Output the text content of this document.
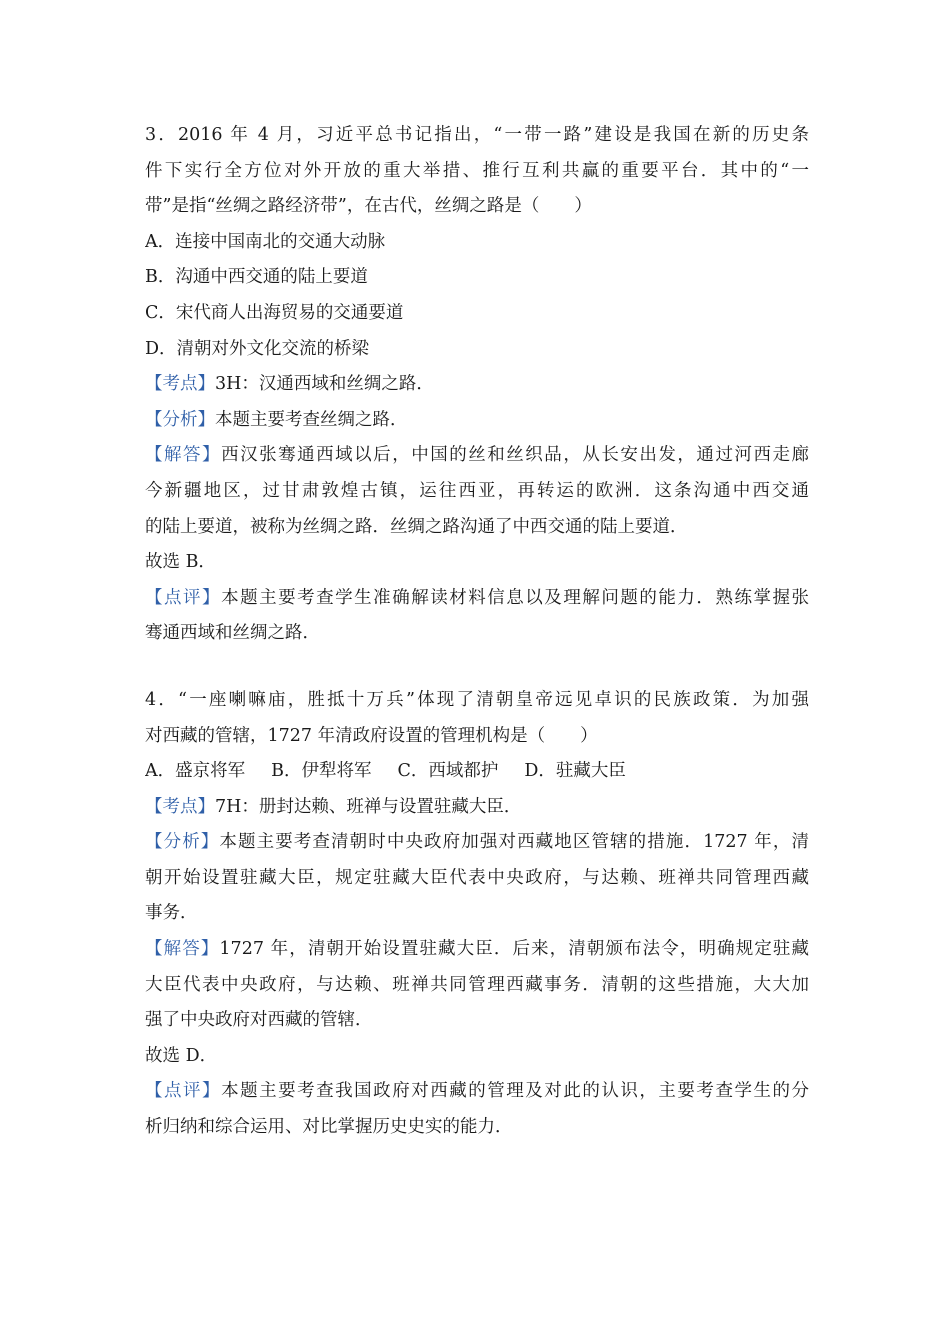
3．2016 年 4 月，习近平总书记指出，“一带一路”建设是我国在新的历史条
件下实行全方位对外开放的重大举措、推行互利共赢的重要平台．其中的“一
带”是指“丝绸之路经济带”，在古代，丝绸之路是（　　）
A．连接中国南北的交通大动脉
B．沟通中西交通的陆上要道
C．宋代商人出海贸易的交通要道
D．清朝对外文化交流的桥梁
【考点】3H：汉通西域和丝绸之路．
【分析】本题主要考查丝绸之路．
【解答】西汉张骞通西域以后，中国的丝和丝织品，从长安出发，通过河西走廊
今新疆地区，过甘肃敦煌古镇，运往西亚，再转运的欧洲．这条沟通中西交通
的陆上要道，被称为丝绸之路．丝绸之路沟通了中西交通的陆上要道．
故选 B．
【点评】本题主要考查学生准确解读材料信息以及理解问题的能力．熟练掌握张
骞通西域和丝绸之路．
4．“一座喇嘛庙，胜抵十万兵”体现了清朝皇帝远见卓识的民族政策．为加强
对西藏的管辖，1727 年清政府设置的管理机构是（　　）
A．盛京将军 B．伊犁将军 C．西域都护 D．驻藏大臣
【考点】7H：册封达赖、班禅与设置驻藏大臣．
【分析】本题主要考查清朝时中央政府加强对西藏地区管辖的措施．1727 年，清
朝开始设置驻藏大臣，规定驻藏大臣代表中央政府，与达赖、班禅共同管理西藏
事务．
【解答】1727 年，清朝开始设置驻藏大臣．后来，清朝颁布法令，明确规定驻藏
大臣代表中央政府，与达赖、班禅共同管理西藏事务．清朝的这些措施，大大加
强了中央政府对西藏的管辖．
故选 D．
【点评】本题主要考查我国政府对西藏的管理及对此的认识，主要考查学生的分
析归纳和综合运用、对比掌握历史史实的能力．
